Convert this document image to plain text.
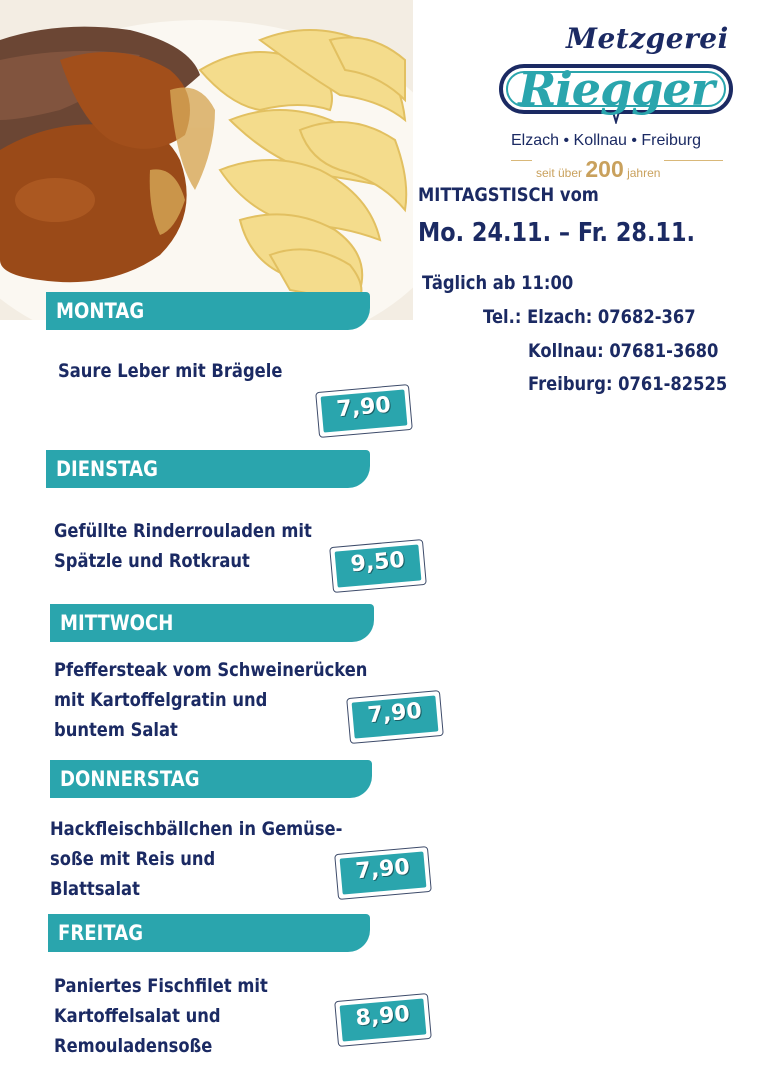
Metzgerei
Riegger
Elzach • Kollnau • Freiburg
seit über 200 jahren
MITTAGSTISCH vom
Mo. 24.11. – Fr. 28.11.
Täglich ab 11:00
Tel.: Elzach: 07682-367
Kollnau: 07681-3680
Freiburg: 0761-82525
MONTAG
Saure Leber mit Brägele
7,90
DIENSTAG
Gefüllte Rinderrouladen mit
Spätzle und Rotkraut	9,50
MITTWOCH
Pfeffersteak vom Schweinerücken
mit Kartoffelgratin und
buntem Salat
7,90
DONNERSTAG
Hackfleischbällchen in Gemüse-
soße mit Reis und
Blattsalat
7,90
FREITAG
Paniertes Fischfilet mit
Kartoffelsalat und
Remouladensoße
8,90
